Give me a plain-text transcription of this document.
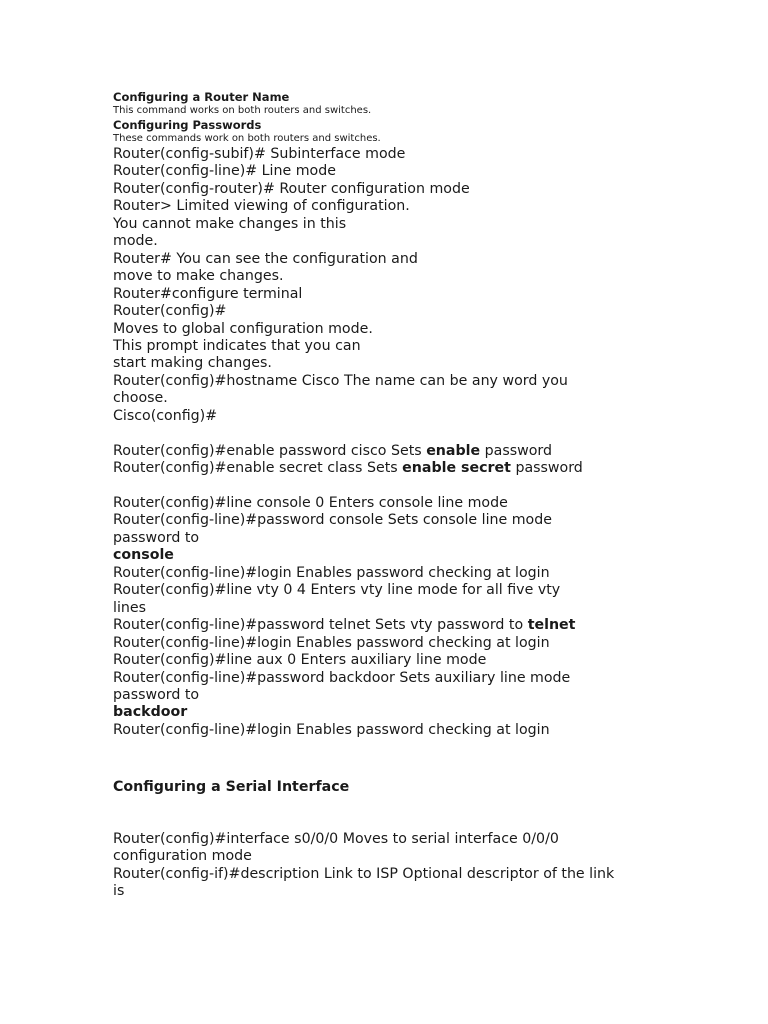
Configuring a Router Name

This command works on both routers and switches.

Configuring Passwords

These commands work on both routers and switches.

Router(config-subif)# Subinterface mode
Router(config-line)# Line mode
Router(config-router)# Router configuration mode
Router> Limited viewing of configuration.
You cannot make changes in this
mode.
Router# You can see the configuration and
move to make changes.
Router#configure terminal
Router(config)#
Moves to global configuration mode.
This prompt indicates that you can
start making changes.
Router(config)#hostname Cisco The name can be any word you
choose.
Cisco(config)#
Router(config)#enable password cisco Sets enable password
Router(config)#enable secret class Sets enable secret password
Router(config)#line console 0 Enters console line mode
Router(config-line)#password console Sets console line mode
password to
console
Router(config-line)#login Enables password checking at login
Router(config)#line vty 0 4 Enters vty line mode for all five vty
lines
Router(config-line)#password telnet Sets vty password to telnet
Router(config-line)#login Enables password checking at login
Router(config)#line aux 0 Enters auxiliary line mode
Router(config-line)#password backdoor Sets auxiliary line mode
password to
backdoor
Router(config-line)#login Enables password checking at login

Configuring a Serial Interface

Router(config)#interface s0/0/0 Moves to serial interface 0/0/0
configuration mode
Router(config-if)#description Link to ISP Optional descriptor of the link
is
